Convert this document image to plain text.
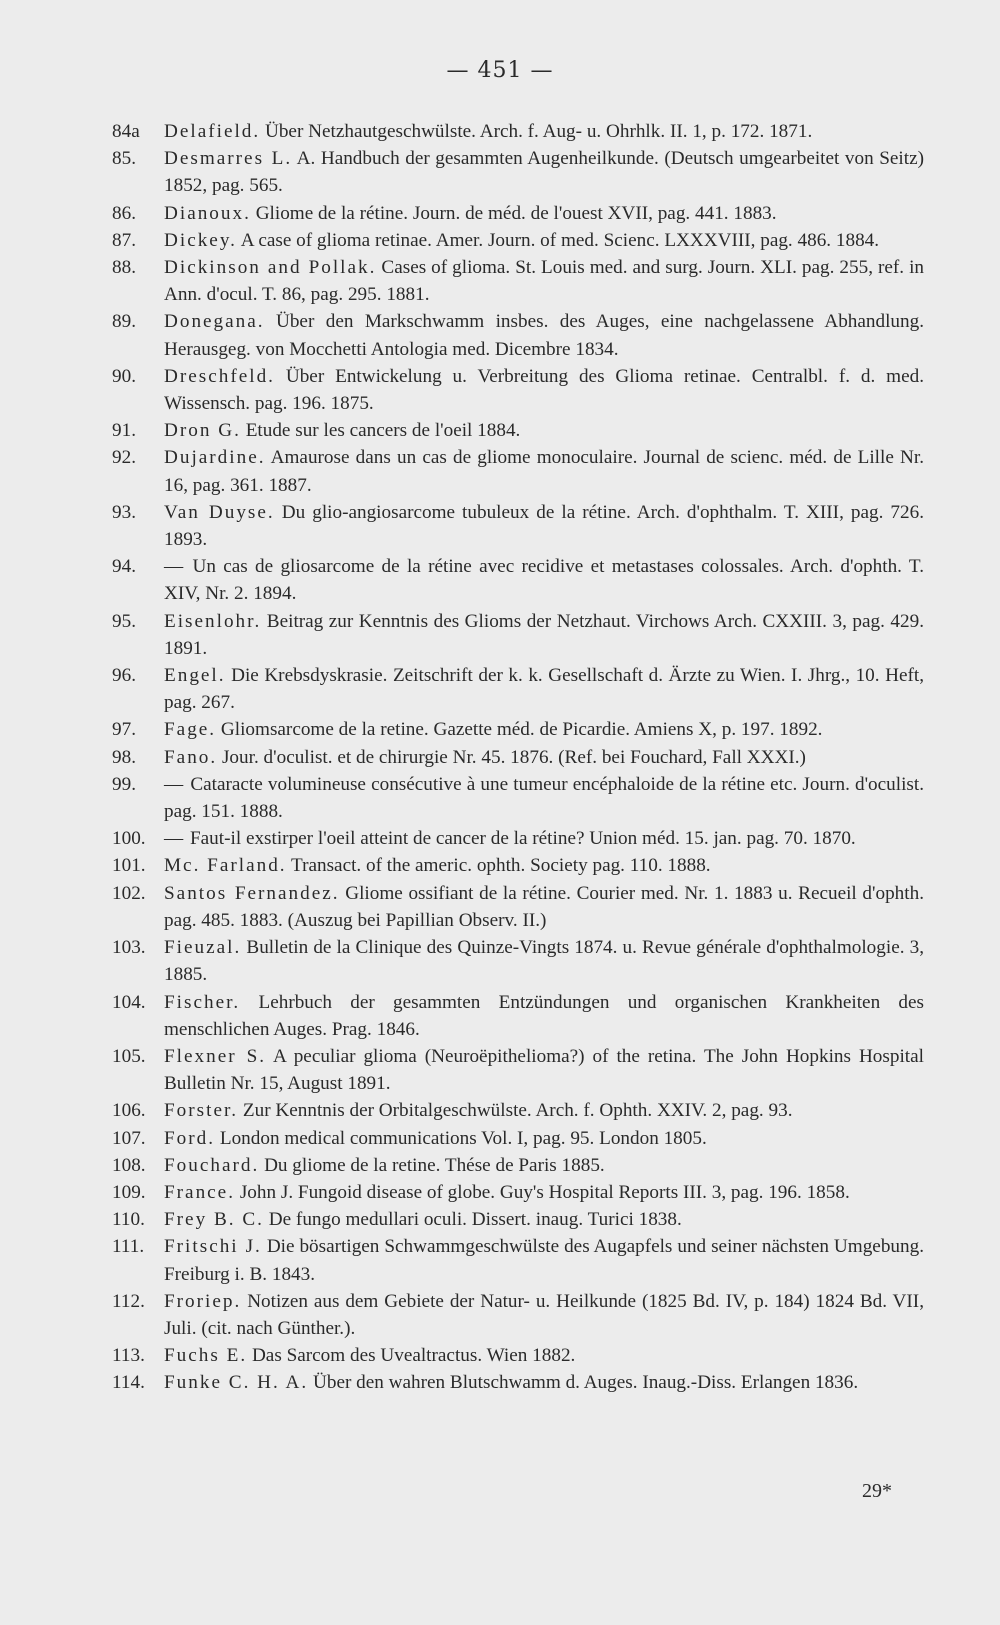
— 451 —
84a	Delafield. Über Netzhautgeschwülste. Arch. f. Aug- u. Ohrhlk. II. 1, p. 172. 1871.
85.	Desmarres L. A. Handbuch der gesammten Augenheilkunde. (Deutsch umgearbeitet von Seitz) 1852, pag. 565.
86.	Dianoux. Gliome de la rétine. Journ. de méd. de l'ouest XVII, pag. 441. 1883.
87.	Dickey. A case of glioma retinae. Amer. Journ. of med. Scienc. LXXXVIII, pag. 486. 1884.
88.	Dickinson and Pollak. Cases of glioma. St. Louis med. and surg. Journ. XLI. pag. 255, ref. in Ann. d'ocul. T. 86, pag. 295. 1881.
89.	Donegana. Über den Markschwamm insbes. des Auges, eine nachgelassene Abhandlung. Herausgeg. von Mocchetti Antologia med. Dicembre 1834.
90.	Dreschfeld. Über Entwickelung u. Verbreitung des Glioma retinae. Centralbl. f. d. med. Wissensch. pag. 196. 1875.
91.	Dron G. Etude sur les cancers de l'oeil 1884.
92.	Dujardine. Amaurose dans un cas de gliome monoculaire. Journal de scienc. méd. de Lille Nr. 16, pag. 361. 1887.
93.	Van Duyse. Du glio-angiosarcome tubuleux de la rétine. Arch. d'ophthalm. T. XIII, pag. 726. 1893.
94.	— Un cas de gliosarcome de la rétine avec recidive et metastases colossales. Arch. d'ophth. T. XIV, Nr. 2. 1894.
95.	Eisenlohr. Beitrag zur Kenntnis des Glioms der Netzhaut. Virchows Arch. CXXIII. 3, pag. 429. 1891.
96.	Engel. Die Krebsdyskrasie. Zeitschrift der k. k. Gesellschaft d. Ärzte zu Wien. I. Jhrg., 10. Heft, pag. 267.
97.	Fage. Gliomsarcome de la retine. Gazette méd. de Picardie. Amiens X, p. 197. 1892.
98.	Fano. Jour. d'oculist. et de chirurgie Nr. 45. 1876. (Ref. bei Fouchard, Fall XXXI.)
99.	— Cataracte volumineuse consécutive à une tumeur encéphaloide de la rétine etc. Journ. d'oculist. pag. 151. 1888.
100. — Faut-il exstirper l'oeil atteint de cancer de la rétine? Union méd. 15. jan. pag. 70. 1870.
101. Mc. Farland. Transact. of the americ. ophth. Society pag. 110. 1888.
102. Santos Fernandez. Gliome ossifiant de la rétine. Courier med. Nr. 1. 1883 u. Recueil d'ophth. pag. 485. 1883. (Auszug bei Papillian Observ. II.)
103. Fieuzal. Bulletin de la Clinique des Quinze-Vingts 1874. u. Revue générale d'ophthalmologie. 3, 1885.
104. Fischer. Lehrbuch der gesammten Entzündungen und organischen Krankheiten des menschlichen Auges. Prag. 1846.
105. Flexner S. A peculiar glioma (Neuroëpithelioma?) of the retina. The John Hopkins Hospital Bulletin Nr. 15, August 1891.
106. Forster. Zur Kenntnis der Orbitalgeschwülste. Arch. f. Ophth. XXIV. 2, pag. 93.
107. Ford. London medical communications Vol. I, pag. 95. London 1805.
108. Fouchard. Du gliome de la retine. Thése de Paris 1885.
109. France. John J. Fungoid disease of globe. Guy's Hospital Reports III. 3, pag. 196. 1858.
110. Frey B. C. De fungo medullari oculi. Dissert. inaug. Turici 1838.
111.	Fritschi J. Die bösartigen Schwammgeschwülste des Augapfels und seiner nächsten Umgebung. Freiburg i. B. 1843.
112. Froriep. Notizen aus dem Gebiete der Natur- u. Heilkunde (1825 Bd. IV, p. 184) 1824 Bd. VII, Juli. (cit. nach Günther.).
113. Fuchs E. Das Sarcom des Uvealtractus. Wien 1882.
114. Funke C. H. A. Über den wahren Blutschwamm d. Auges. Inaug.-Diss. Erlangen 1836.
29*
